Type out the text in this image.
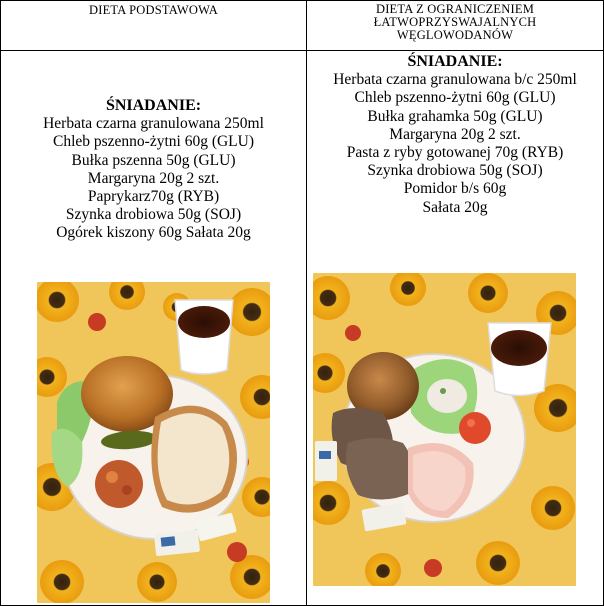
DIETA PODSTAWOWA	DIETA Z OGRANICZENIEM
ŁATWOPRZYSWAJALNYCH
WĘGLOWODANÓW
ŚNIADANIE:
Herbata czarna granulowana 250ml
Chleb pszenno-żytni 60g (GLU)
Bułka pszenna 50g (GLU)
Margaryna 20g 2 szt.
Paprykarz70g (RYB)
Szynka drobiowa 50g (SOJ)
Ogórek kiszony 60g Sałata 20g
ŚNIADANIE:
Herbata czarna granulowana b/c 250ml
Chleb pszenno-żytni 60g (GLU)
Bułka grahamka 50g (GLU)
Margaryna 20g 2 szt.
Pasta z ryby gotowanej 70g (RYB)
Szynka drobiowa 50g (SOJ)
Pomidor b/s 60g
Sałata 20g
